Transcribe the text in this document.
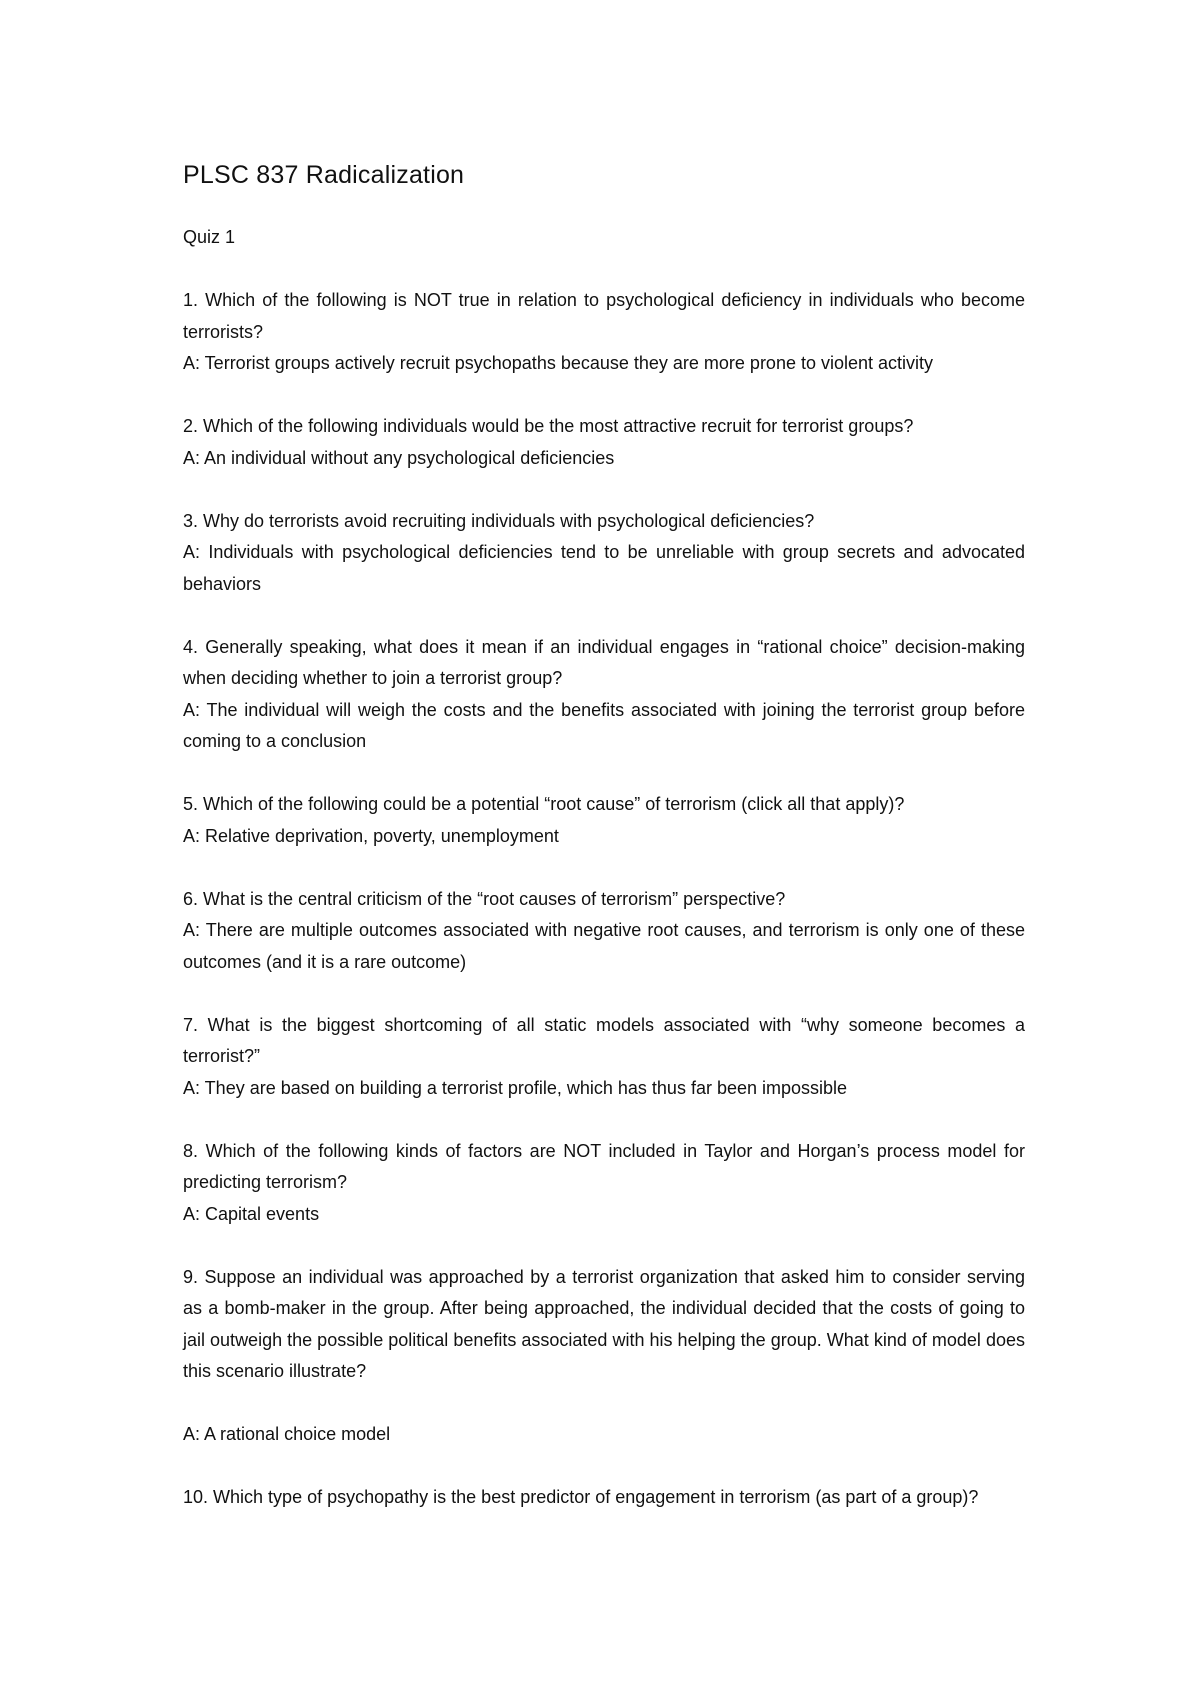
PLSC 837 Radicalization

Quiz 1

1. Which of the following is NOT true in relation to psychological deficiency in individuals who become terrorists?

A: Terrorist groups actively recruit psychopaths because they are more prone to violent activity

2. Which of the following individuals would be the most attractive recruit for terrorist groups?

A: An individual without any psychological deficiencies

3. Why do terrorists avoid recruiting individuals with psychological deficiencies?

A: Individuals with psychological deficiencies tend to be unreliable with group secrets and advocated behaviors

4. Generally speaking, what does it mean if an individual engages in “rational choice” decision-making when deciding whether to join a terrorist group?

A: The individual will weigh the costs and the benefits associated with joining the terrorist group before coming to a conclusion

5. Which of the following could be a potential “root cause” of terrorism (click all that apply)?

A: Relative deprivation, poverty, unemployment

6. What is the central criticism of the “root causes of terrorism” perspective?

A: There are multiple outcomes associated with negative root causes, and terrorism is only one of these outcomes (and it is a rare outcome)

7. What is the biggest shortcoming of all static models associated with “why someone becomes a terrorist?”

A: They are based on building a terrorist profile, which has thus far been impossible

8. Which of the following kinds of factors are NOT included in Taylor and Horgan’s process model for predicting terrorism?

A: Capital events

9. Suppose an individual was approached by a terrorist organization that asked him to consider serving as a bomb-maker in the group. After being approached, the individual decided that the costs of going to jail outweigh the possible political benefits associated with his helping the group. What kind of model does this scenario illustrate?

A: A rational choice model

10. Which type of psychopathy is the best predictor of engagement in terrorism (as part of a group)?
